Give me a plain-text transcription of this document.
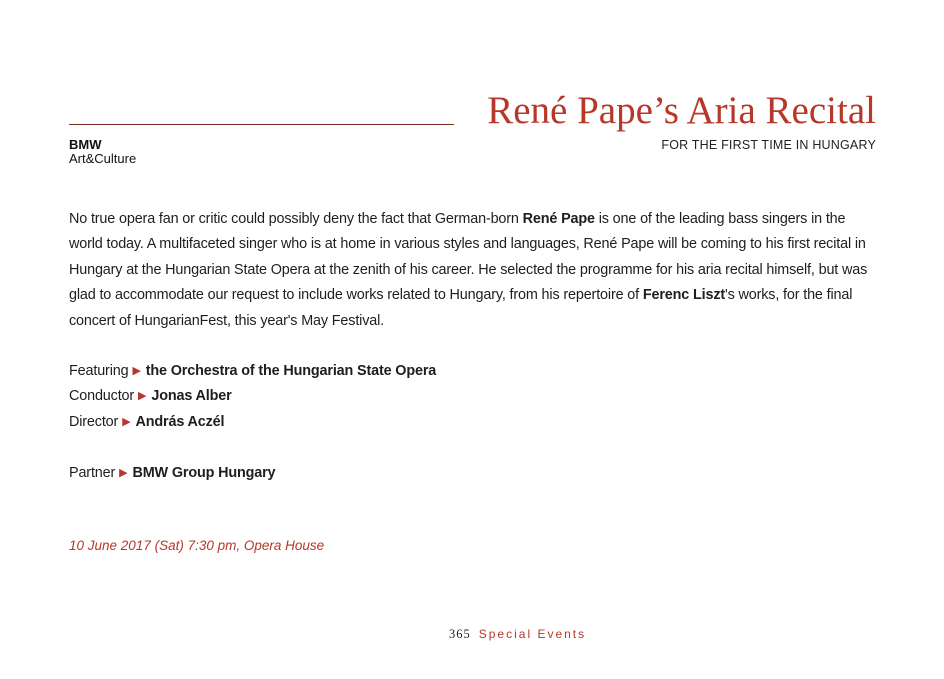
René Pape’s Aria Recital
FOR THE FIRST TIME IN HUNGARY
BMW
Art&Culture

No true opera fan or critic could possibly deny the fact that German-born René Pape is one of the leading bass singers in the world today. A multifaceted singer who is at home in various styles and languages, René Pape will be coming to his first recital in Hungary at the Hungarian State Opera at the zenith of his career. He selected the programme for his aria recital himself, but was glad to accommodate our request to include works related to Hungary, from his repertoire of Ferenc Liszt's works, for the final concert of HungarianFest, this year's May Festival.

Featuring ▶ the Orchestra of the Hungarian State Opera
Conductor ▶ Jonas Alber
Director ▶ András Aczél
Partner ▶ BMW Group Hungary
10 June 2017 (Sat) 7:30 pm, Opera House
365 Special Events
